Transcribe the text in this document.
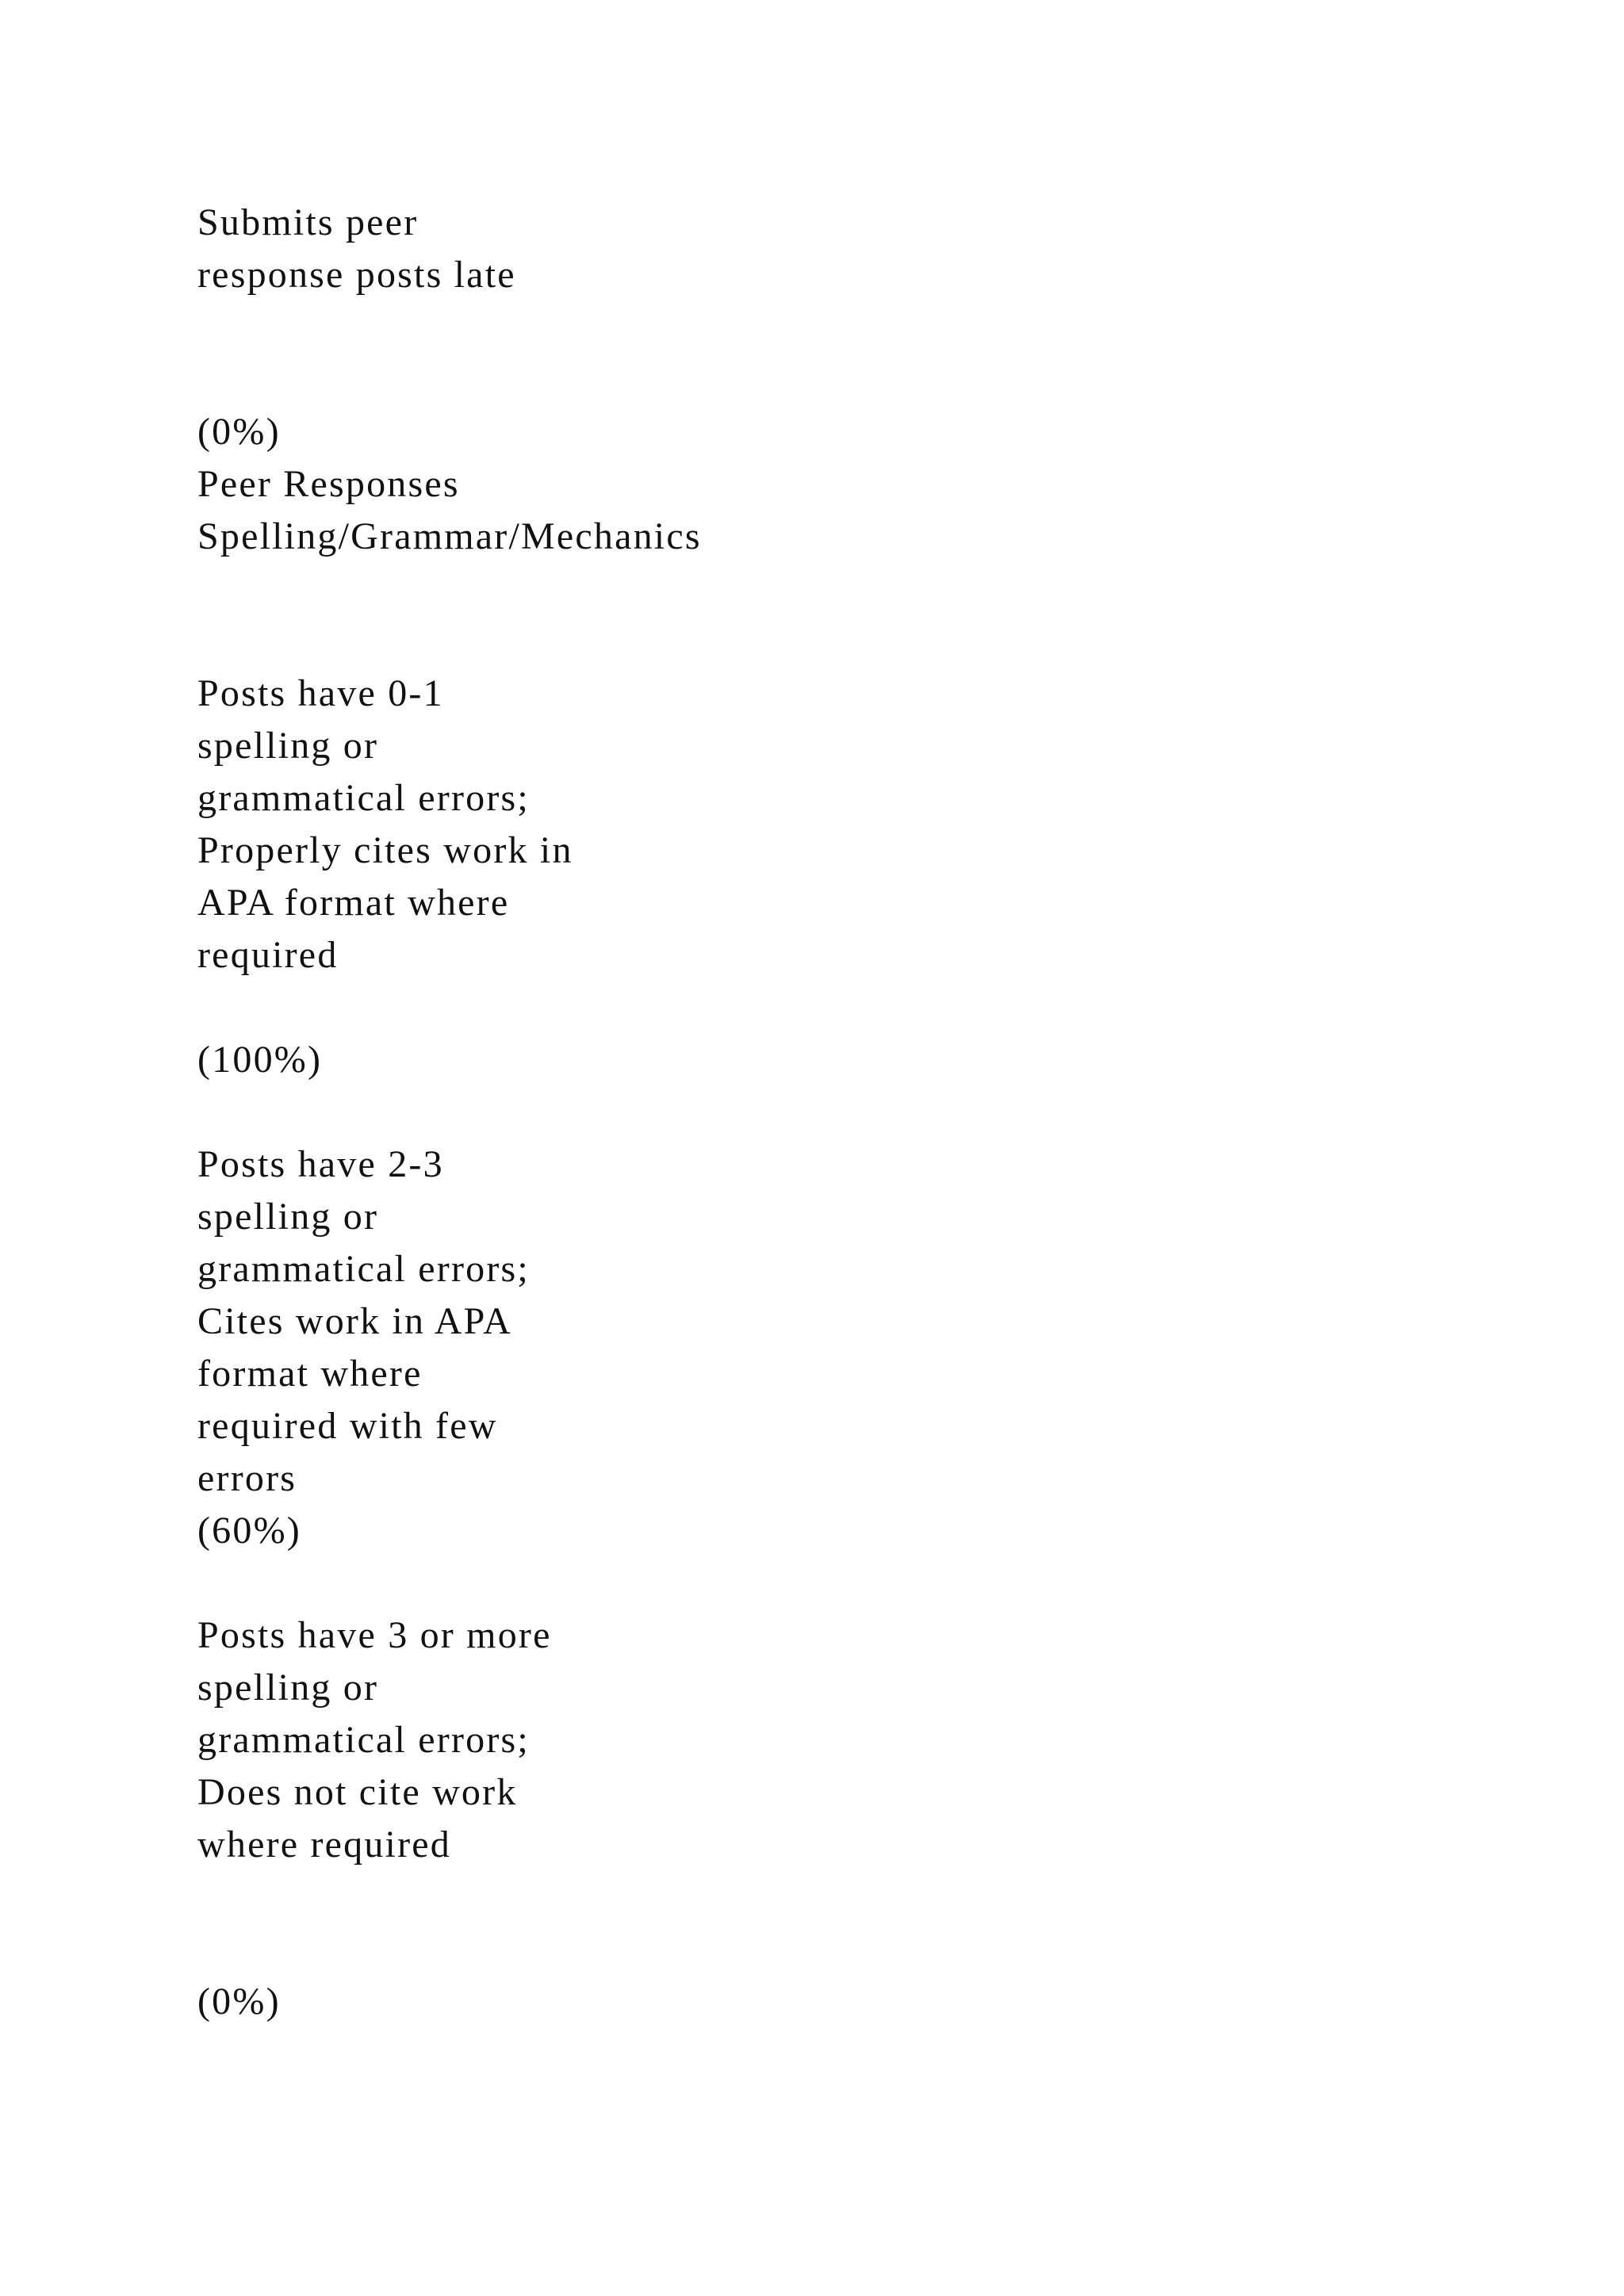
Submits peer

response posts late

(0%)

Peer Responses

Spelling/Grammar/Mechanics

Posts have 0-1

spelling or

grammatical errors;

Properly cites work in

APA format where

required

(100%)

Posts have 2-3

spelling or

grammatical errors;

Cites work in APA

format where

required with few

errors

(60%)

Posts have 3 or more

spelling or

grammatical errors;

Does not cite work

where required

(0%)
